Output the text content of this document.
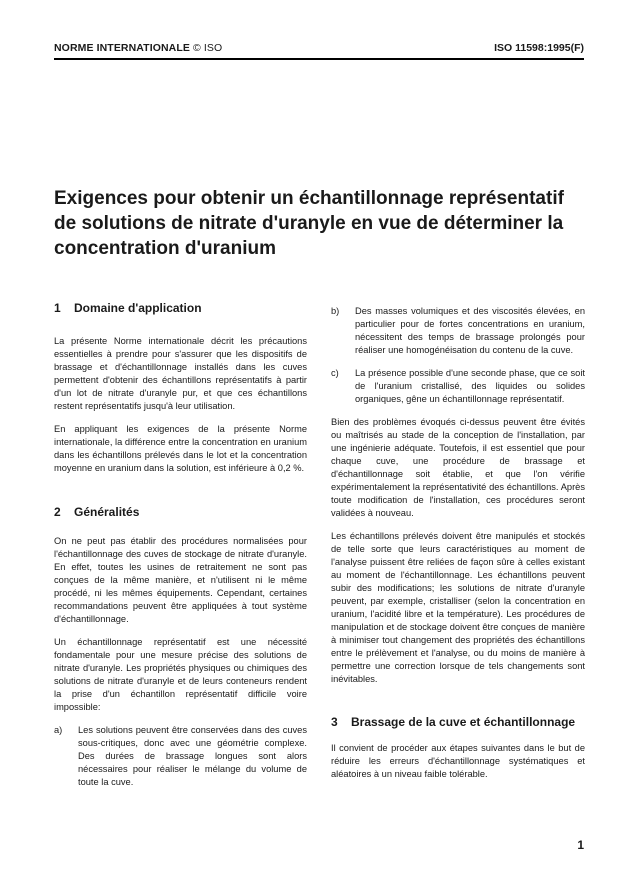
NORME INTERNATIONALE © ISO	ISO 11598:1995(F)
Exigences pour obtenir un échantillonnage représentatif de solutions de nitrate d'uranyle en vue de déterminer la concentration d'uranium
1 Domaine d'application

La présente Norme internationale décrit les précautions essentielles à prendre pour s'assurer que les dispositifs de brassage et d'échantillonnage installés dans les cuves permettent d'obtenir des échantillons représentatifs à partir d'un lot de nitrate d'uranyle pur, et que ces échantillons restent représentatifs jusqu'à leur utilisation.

En appliquant les exigences de la présente Norme internationale, la différence entre la concentration en uranium dans les échantillons prélevés dans le lot et la concentration moyenne en uranium dans la solution, est inférieure à 0,2 %.

2 Généralités

On ne peut pas établir des procédures normalisées pour l'échantillonnage des cuves de stockage de nitrate d'uranyle. En effet, toutes les usines de retraitement ne sont pas conçues de la même manière, et n'utilisent ni le même procédé, ni les mêmes équipements. Cependant, certaines recommandations peuvent être appliquées à tout système d'échantillonnage.

Un échantillonnage représentatif est une nécessité fondamentale pour une mesure précise des solutions de nitrate d'uranyle. Les propriétés physiques ou chimiques des solutions de nitrate d'uranyle et de leurs conteneurs rendent la prise d'un échantillon représentatif difficile voire impossible:

a) Les solutions peuvent être conservées dans des cuves sous-critiques, donc avec une géométrie complexe. Des durées de brassage longues sont alors nécessaires pour réaliser le mélange du volume de toute la cuve.
b) Des masses volumiques et des viscosités élevées, en particulier pour de fortes concentrations en uranium, nécessitent des temps de brassage prolongés pour réaliser une homogénéisation du contenu de la cuve.
c) La présence possible d'une seconde phase, que ce soit de l'uranium cristallisé, des liquides ou solides organiques, gêne un échantillonnage représentatif.

Bien des problèmes évoqués ci-dessus peuvent être évités ou maîtrisés au stade de la conception de l'installation, par une ingénierie adéquate. Toutefois, il est essentiel que pour chaque cuve, une procédure de brassage et d'échantillonnage soit établie, et que l'on vérifie expérimentalement la représentativité des échantillons. Après toute modification de l'installation, ces procédures seront validées à nouveau.

Les échantillons prélevés doivent être manipulés et stockés de telle sorte que leurs caractéristiques au moment de l'analyse puissent être reliées de façon sûre à celles existant au moment de l'échantillonnage. Les échantillons peuvent subir des modifications; les solutions de nitrate d'uranyle peuvent, par exemple, cristalliser (selon la concentration en uranium, l'acidité libre et la température). Les procédures de manipulation et de stockage doivent être conçues de manière à minimiser tout changement des propriétés des échantillons entre le prélèvement et l'analyse, ou du moins de manière à permettre une correction lorsque de tels changements sont inévitables.

3 Brassage de la cuve et échantillonnage

Il convient de procéder aux étapes suivantes dans le but de réduire les erreurs d'échantillonnage systématiques et aléatoires à un niveau faible tolérable.

1
